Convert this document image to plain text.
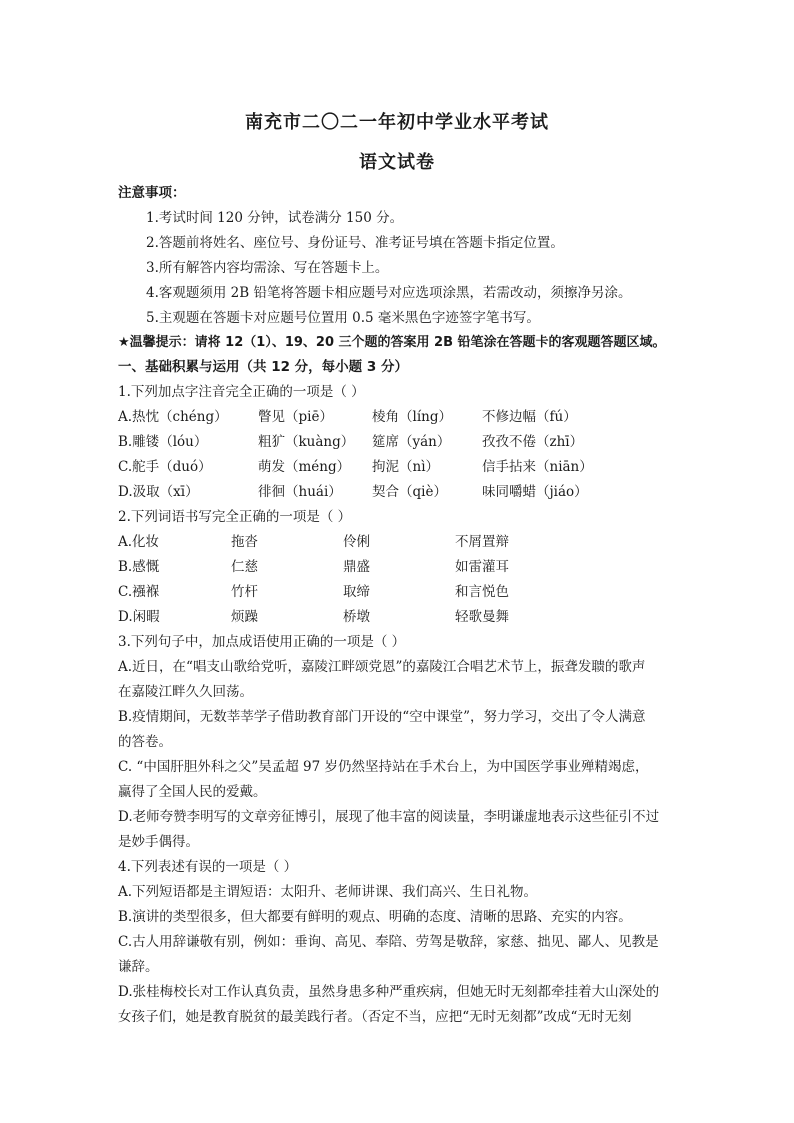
南充市二〇二一年初中学业水平考试
语文试卷
注意事项：
1.考试时间 120 分钟，试卷满分 150 分。
2.答题前将姓名、座位号、身份证号、准考证号填在答题卡指定位置。
3.所有解答内容均需涂、写在答题卡上。
4.客观题须用 2B 铅笔将答题卡相应题号对应选项涂黑，若需改动，须擦净另涂。
5.主观题在答题卡对应题号位置用 0.5 毫米黑色字迹签字笔书写。
★温馨提示：请将 12（1）、19、20 三个题的答案用 2B 铅笔涂在答题卡的客观题答题区域。
一、基础积累与运用（共 12 分，每小题 3 分）
1.下列加点字注音完全正确的一项是（ ）
A.热忱（chéng） 瞥见（piē）	棱角（líng） 不修边幅（fú）
B.雕镂（lóu）	粗犷（kuàng） 筵席（yán） 孜孜不倦（zhī）
C.舵手（duó）	萌发（méng） 拘泥（nì）	信手拈来（niān）
D.汲取（xī）	徘徊（huái） 契合（qiè）	味同嚼蜡（jiáo）
2.下列词语书写完全正确的一项是（ ）
A.化妆	拖沓	伶俐	不屑置辩
B.感慨	仁慈	鼎盛	如雷灌耳
C.襁褓	竹杆	取缔	和言悦色
D.闲暇	烦躁	桥墩	轻歌曼舞
3.下列句子中，加点成语使用正确的一项是（ ）
A.近日，在“唱支山歌给党听，嘉陵江畔颂党恩”的嘉陵江合唱艺术节上，振聋发聩的歌声
在嘉陵江畔久久回荡。
B.疫情期间，无数莘莘学子借助教育部门开设的“空中课堂”，努力学习，交出了令人满意
的答卷。
C. “中国肝胆外科之父”吴孟超 97 岁仍然坚持站在手术台上，为中国医学事业殚精竭虑，
赢得了全国人民的爱戴。
D.老师夸赞李明写的文章旁征博引，展现了他丰富的阅读量，李明谦虚地表示这些征引不过
是妙手偶得。
4.下列表述有误的一项是（ ）
A.下列短语都是主谓短语：太阳升、老师讲课、我们高兴、生日礼物。
B.演讲的类型很多，但大都要有鲜明的观点、明确的态度、清晰的思路、充实的内容。
C.古人用辞谦敬有别，例如：垂询、高见、奉陪、劳驾是敬辞，家慈、拙见、鄙人、见教是
谦辞。
D.张桂梅校长对工作认真负责，虽然身患多种严重疾病，但她无时无刻都牵挂着大山深处的
女孩子们，她是教育脱贫的最美践行者。（否定不当，应把“无时无刻都”改成“无时无刻
